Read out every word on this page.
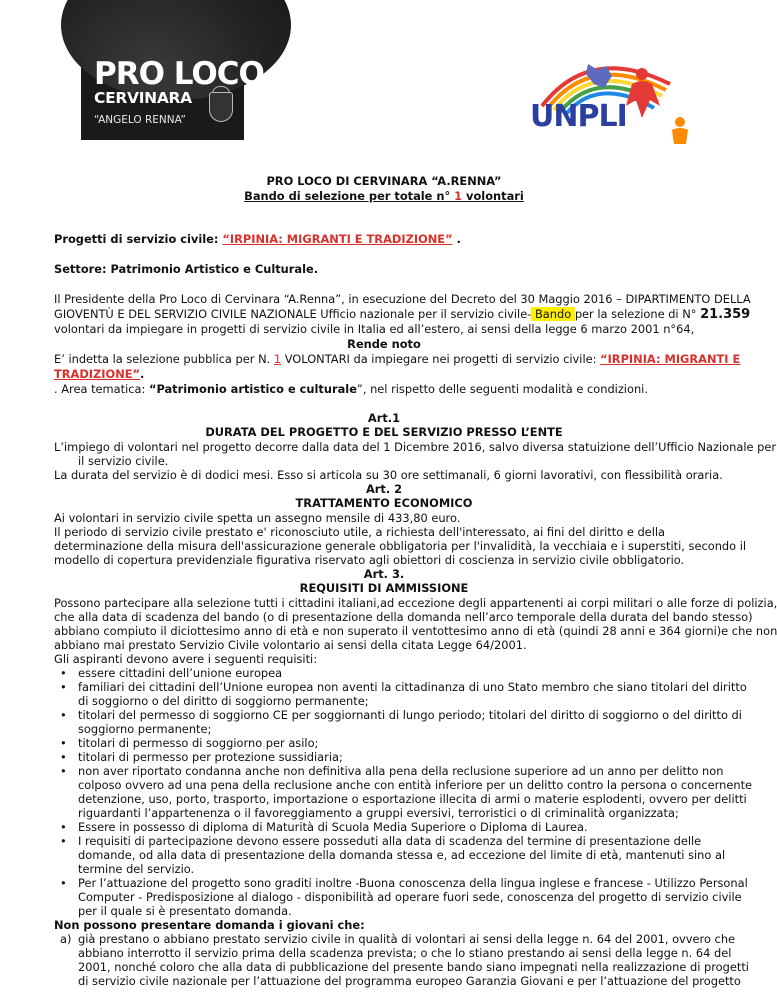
PRO LOCO
CERVINARA
“ANGELO RENNA”	UNPLI
PRO LOCO DI CERVINARA “A.RENNA”
Bando di selezione per totale n° 1 volontari
Progetti di servizio civile: “IRPINIA: MIGRANTI E TRADIZIONE” .
Settore: Patrimonio Artistico e Culturale.
Il Presidente della Pro Loco di Cervinara “A.Renna”, in esecuzione del Decreto del 30 Maggio 2016 – DIPARTIMENTO DELLA
GIOVENTÙ E DEL SERVIZIO CIVILE NAZIONALE Ufficio nazionale per il servizio civile- Bando per la selezione di N° 21.359
volontari da impiegare in progetti di servizio civile in Italia ed all’estero, ai sensi della legge 6 marzo 2001 n°64,
Rende noto
E’ indetta la selezione pubblica per N. 1 VOLONTARI da impiegare nei progetti di servizio civile: “IRPINIA: MIGRANTI E
TRADIZIONE”.
. Area tematica: “Patrimonio artistico e culturale”, nel rispetto delle seguenti modalità e condizioni.
Art.1
DURATA DEL PROGETTO E DEL SERVIZIO PRESSO L’ENTE
L’impiego di volontari nel progetto decorre dalla data del 1 Dicembre 2016, salvo diversa statuizione dell’Ufficio Nazionale per
il servizio civile.
La durata del servizio è di dodici mesi. Esso si articola su 30 ore settimanali, 6 giorni lavorativi, con flessibilità oraria.
Art. 2
TRATTAMENTO ECONOMICO
Ai volontari in servizio civile spetta un assegno mensile di 433,80 euro.
Il periodo di servizio civile prestato e' riconosciuto utile, a richiesta dell'interessato, ai fini del diritto e della
determinazione della misura dell'assicurazione generale obbligatoria per l'invalidità, la vecchiaia e i superstiti, secondo il
modello di copertura previdenziale figurativa riservato agli obiettori di coscienza in servizio civile obbligatorio.
Art. 3.
REQUISITI DI AMMISSIONE
Possono partecipare alla selezione tutti i cittadini italiani,ad eccezione degli appartenenti ai corpi militari o alle forze di polizia,
che alla data di scadenza del bando (o di presentazione della domanda nell’arco temporale della durata del bando stesso)
abbiano compiuto il diciottesimo anno di età e non superato il ventottesimo anno di età (quindi 28 anni e 364 giorni)e che non
abbiano mai prestato Servizio Civile volontario ai sensi della citata Legge 64/2001.
Gli aspiranti devono avere i seguenti requisiti:
• essere cittadini dell’unione europea
• familiari dei cittadini dell’Unione europea non aventi la cittadinanza di uno Stato membro che siano titolari del diritto
di soggiorno o del diritto di soggiorno permanente;
• titolari del permesso di soggiorno CE per soggiornanti di lungo periodo; titolari del diritto di soggiorno o del diritto di
soggiorno permanente;
• titolari di permesso di soggiorno per asilo;
• titolari di permesso per protezione sussidiaria;
• non aver riportato condanna anche non definitiva alla pena della reclusione superiore ad un anno per delitto non
colposo ovvero ad una pena della reclusione anche con entità inferiore per un delitto contro la persona o concernente
detenzione, uso, porto, trasporto, importazione o esportazione illecita di armi o materie esplodenti, ovvero per delitti
riguardanti l’appartenenza o il favoreggiamento a gruppi eversivi, terroristici o di criminalità organizzata;
• Essere in possesso di diploma di Maturità di Scuola Media Superiore o Diploma di Laurea.
• I requisiti di partecipazione devono essere posseduti alla data di scadenza del termine di presentazione delle
domande, od alla data di presentazione della domanda stessa e, ad eccezione del limite di età, mantenuti sino al
termine del servizio.
• Per l’attuazione del progetto sono graditi inoltre -Buona conoscenza della lingua inglese e francese - Utilizzo Personal
Computer - Predisposizione al dialogo - disponibilità ad operare fuori sede, conoscenza del progetto di servizio civile
per il quale si è presentato domanda.
Non possono presentare domanda i giovani che:
a) già prestano o abbiano prestato servizio civile in qualità di volontari ai sensi della legge n. 64 del 2001, ovvero che
abbiano interrotto il servizio prima della scadenza prevista; o che lo stiano prestando ai sensi della legge n. 64 del
2001, nonché coloro che alla data di pubblicazione del presente bando siano impegnati nella realizzazione di progetti
di servizio civile nazionale per l’attuazione del programma europeo Garanzia Giovani e per l’attuazione del progetto
